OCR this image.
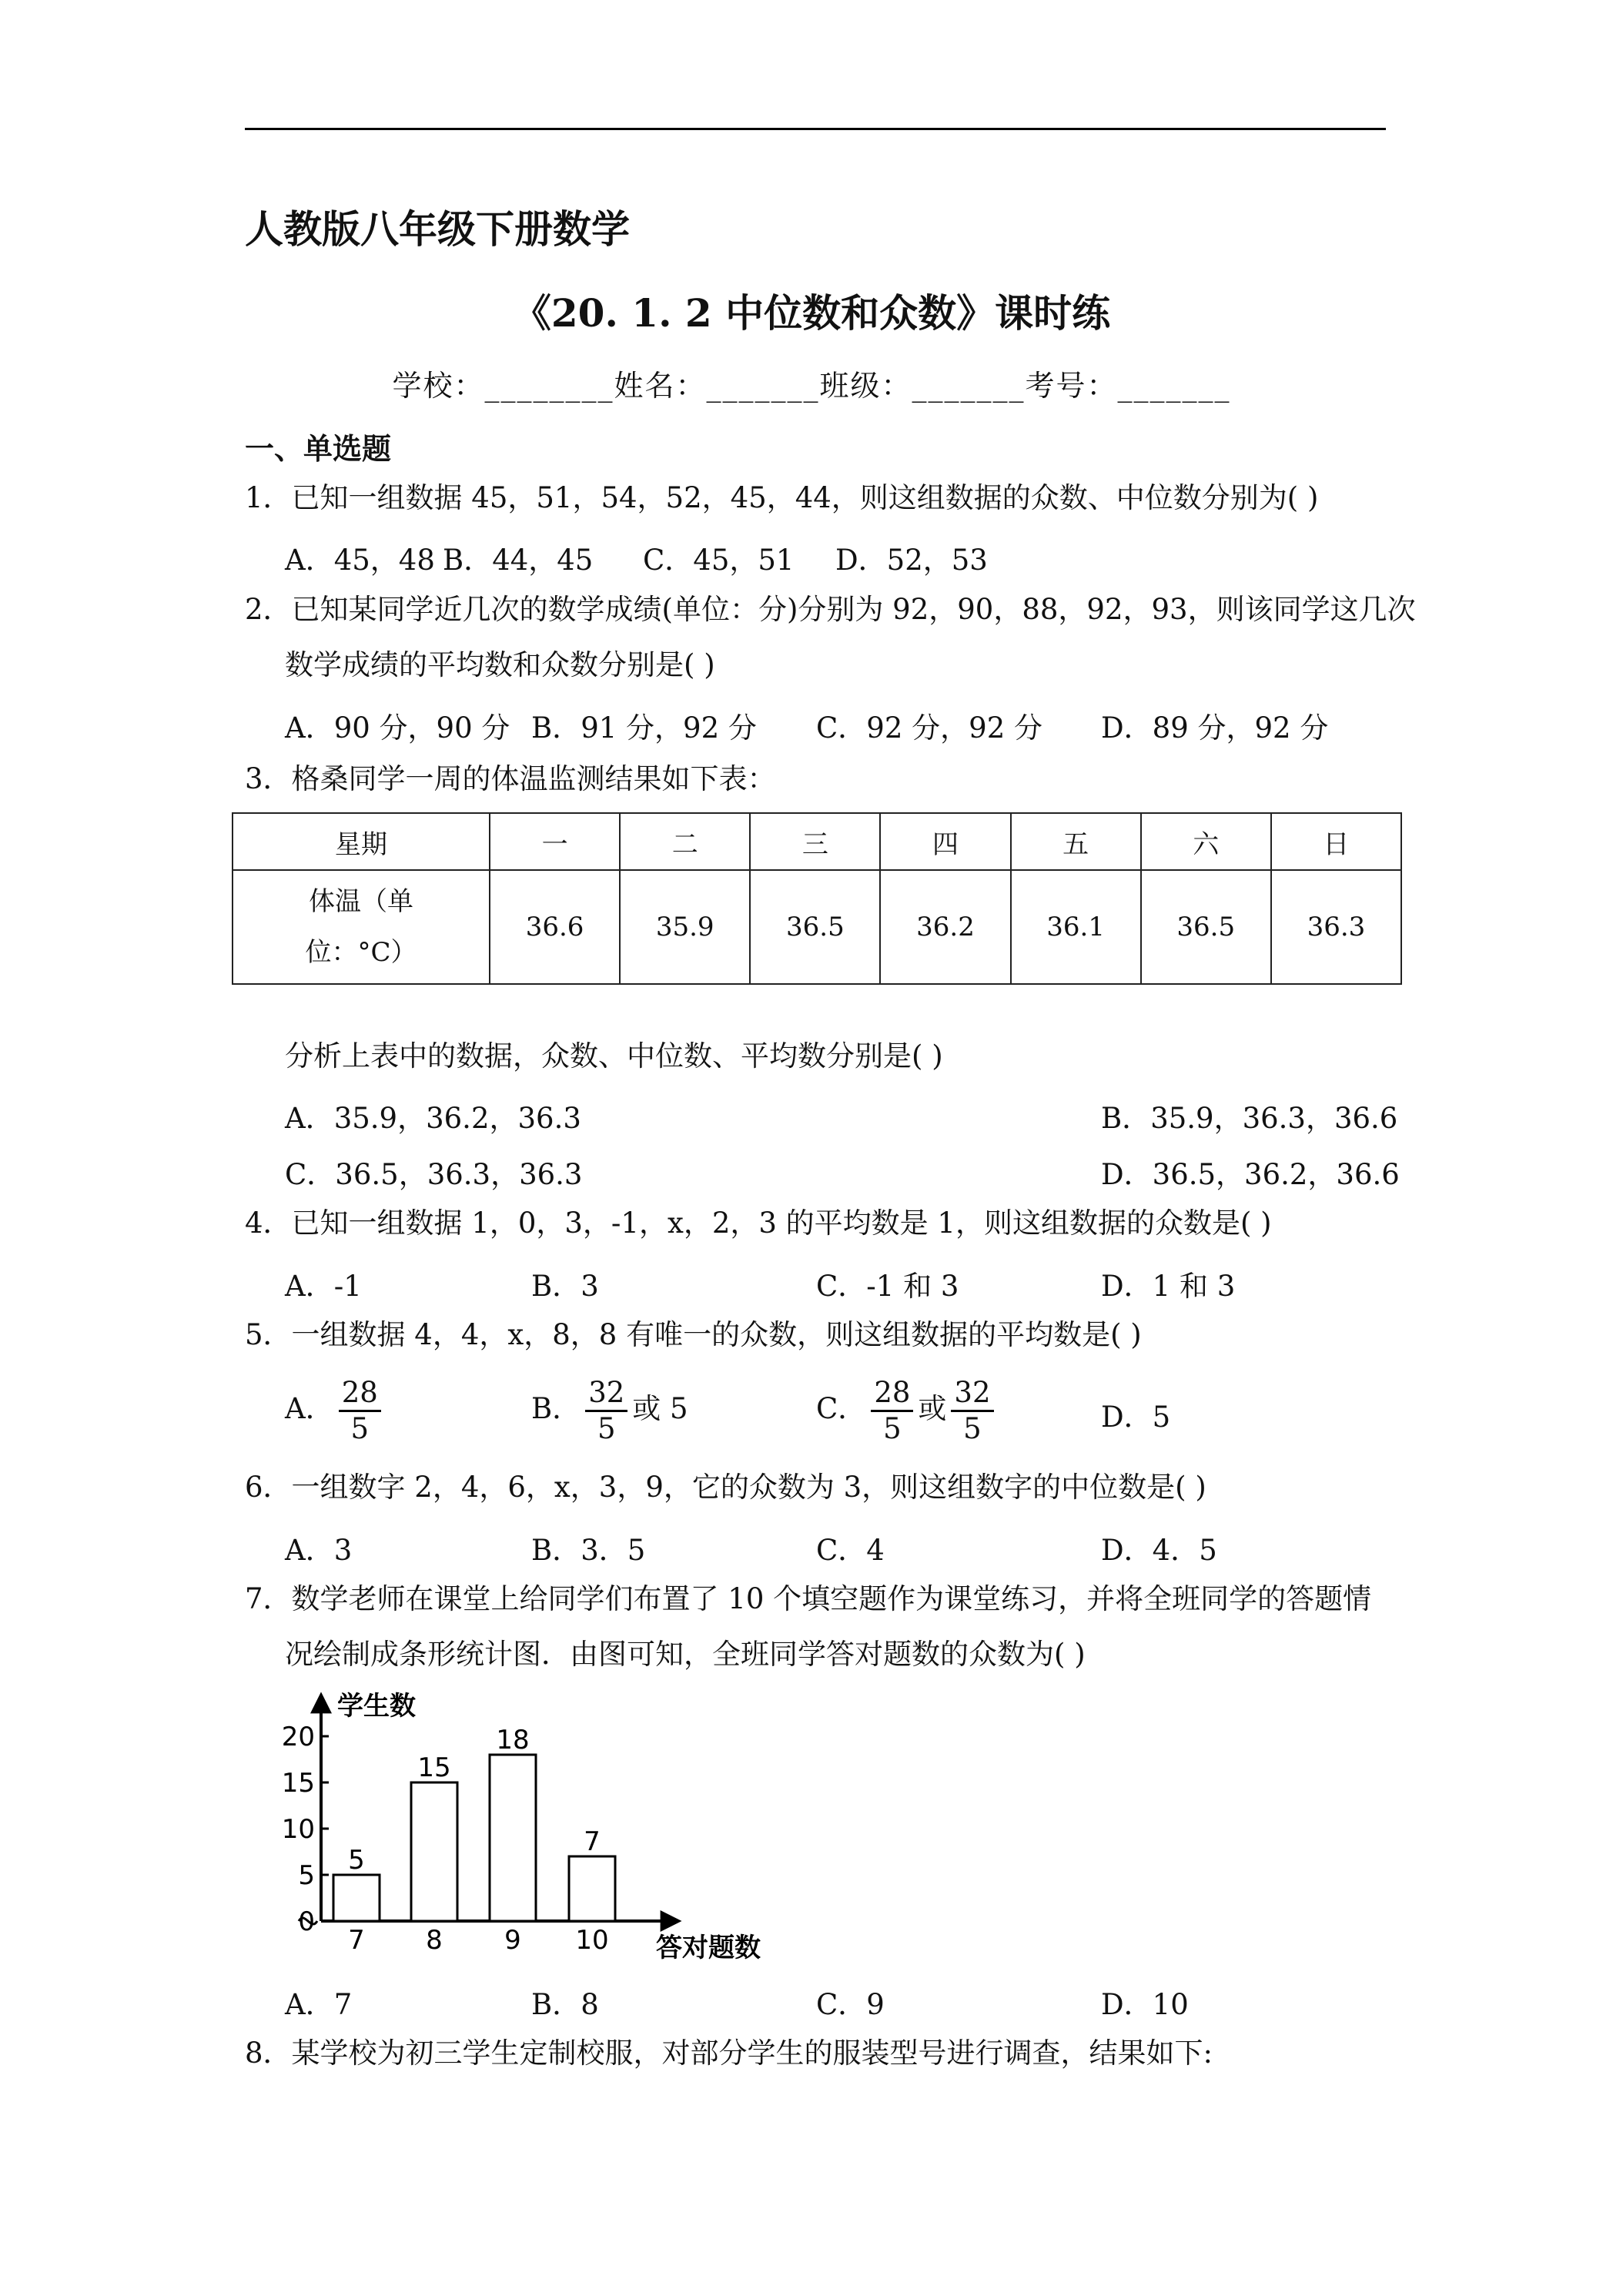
人教版八年级下册数学
《20. 1. 2 中位数和众数》课时练
学校：________姓名：_______班级：_______考号：_______
一、单选题
1．已知一组数据 45，51，54，52，45，44，则这组数据的众数、中位数分别为( )
A．45，48 B．44，45 C．45，51 D．52，53
2．已知某同学近几次的数学成绩(单位：分)分别为 92，90，88，92，93，则该同学这几次
数学成绩的平均数和众数分别是( )
A．90 分，90 分 B．91 分，92 分 C．92 分，92 分 D．89 分，92 分
3．格桑同学一周的体温监测结果如下表：
星期	一	二	三	四	五	六	日

体温（单
位：°C）	36.6	35.9	36.5	36.2	36.1	36.5	36.3
分析上表中的数据，众数、中位数、平均数分别是( )
A．35.9，36.2，36.3	B．35.9，36.3，36.6
C．36.5，36.3，36.3	D．36.5，36.2，36.6
4．已知一组数据 1，0，3，-1，x，2，3 的平均数是 1，则这组数据的众数是( )
A．-1	B．3	C．-1 和 3	D．1 和 3
5．一组数据 4，4，x，8，8 有唯一的众数，则这组数据的平均数是( )
A． $\frac{28}{5}$	B． $\frac{32}{5}$ 或 5	C． $\frac{28}{5}$ 或 $\frac{32}{5}$	D．5
6．一组数字 2，4，6，x，3，9，它的众数为 3，则这组数字的中位数是( )
A．3	B．3．5	C．4	D．4．5
7．数学老师在课堂上给同学们布置了 10 个填空题作为课堂练习，并将全班同学的答题情
况绘制成条形统计图．由图可知，全班同学答对题数的众数为( )
学生数
答对题数
0
5
10
15
20
5
7
15
8
18
9
7
10
A．7	B．8	C．9	D．10
8．某学校为初三学生定制校服，对部分学生的服装型号进行调查，结果如下:
